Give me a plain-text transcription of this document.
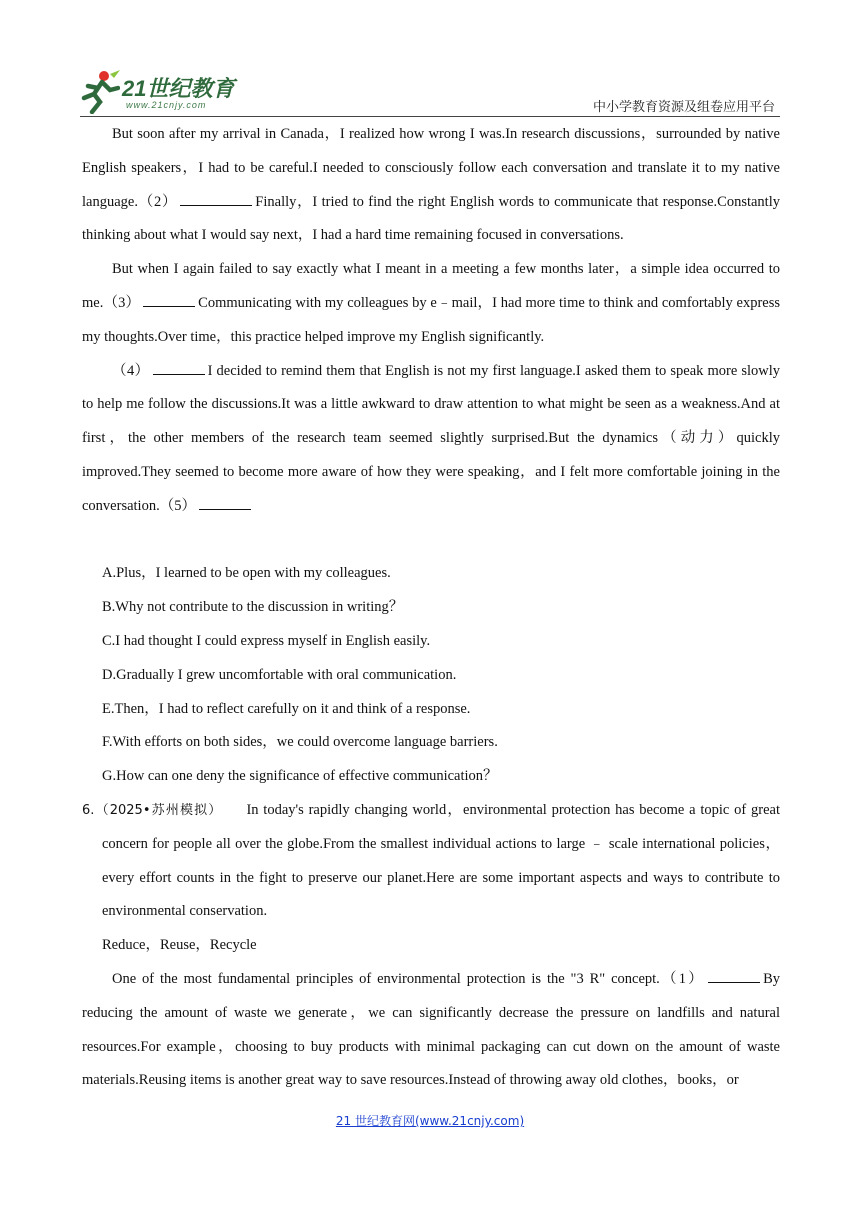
21世纪教育
www.21cnjy.com	中小学教育资源及组卷应用平台

But soon after my arrival in Canada，I realized how wrong I was.In research discussions，surrounded by native English speakers，I had to be careful.I needed to consciously follow each conversation and translate it to my native language.（2）	Finally，I tried to find the right English words to communicate that response.Constantly thinking about what I would say next，I had a hard time remaining focused in conversations.

But when I again failed to say exactly what I meant in a meeting a few months later，a simple idea occurred to me.（3）	Communicating with my colleagues by e﹣mail，I had more time to think and comfortably express my thoughts.Over time，this practice helped improve my English significantly.

（4）	I decided to remind them that English is not my first language.I asked them to speak more slowly to help me follow the discussions.It was a little awkward to draw attention to what might be seen as a weakness.And at first，the other members of the research team seemed slightly surprised.But the dynamics（动力）quickly improved.They seemed to become more aware of how they were speaking，and I felt more comfortable joining in the conversation.（5）

A.Plus，I learned to be open with my colleagues.

B.Why not contribute to the discussion in writing？

C.I had thought I could express myself in English easily.

D.Gradually I grew uncomfortable with oral communication.

E.Then，I had to reflect carefully on it and think of a response.

F.With efforts on both sides，we could overcome language barriers.

G.How can one deny the significance of effective communication？

6.（2025•苏州模拟） In today's rapidly changing world，environmental protection has become a topic of great concern for people all over the globe.From the smallest individual actions to large ﹣ scale international policies，every effort counts in the fight to preserve our planet.Here are some important aspects and ways to contribute to environmental conservation.

Reduce，Reuse，Recycle

One of the most fundamental principles of environmental protection is the "3 R" concept.（1）	By reducing the amount of waste we generate，we can significantly decrease the pressure on landfills and natural resources.For example，choosing to buy products with minimal packaging can cut down on the amount of waste materials.Reusing items is another great way to save resources.Instead of throwing away old clothes，books，or

21 世纪教育网(www.21cnjy.com)
